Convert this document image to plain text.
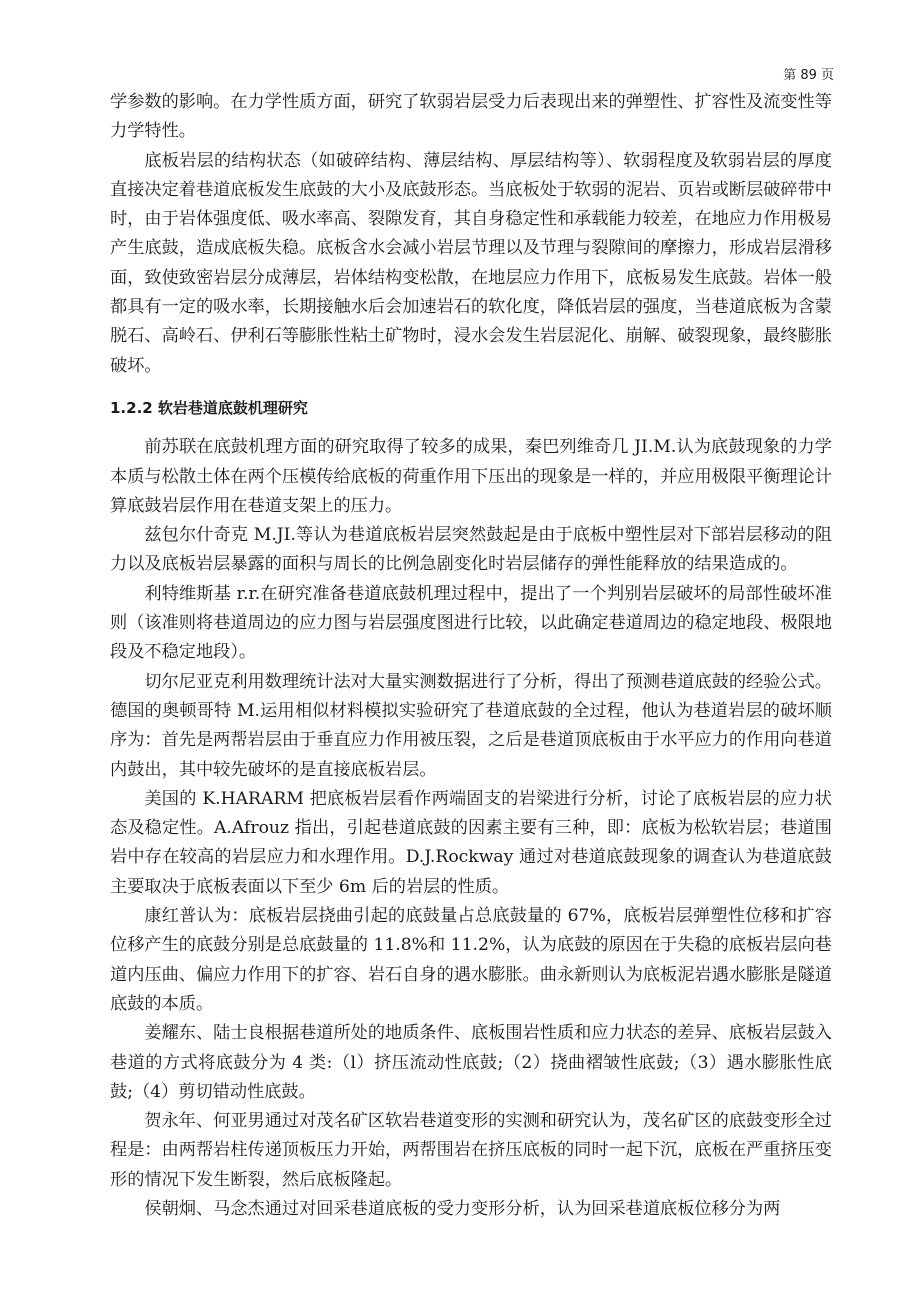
第 89 页

学参数的影响。在力学性质方面，研究了软弱岩层受力后表现出来的弹塑性、扩容性及流变性等力学特性。

底板岩层的结构状态（如破碎结构、薄层结构、厚层结构等）、软弱程度及软弱岩层的厚度直接决定着巷道底板发生底鼓的大小及底鼓形态。当底板处于软弱的泥岩、页岩或断层破碎带中时，由于岩体强度低、吸水率高、裂隙发育，其自身稳定性和承载能力较差，在地应力作用极易产生底鼓，造成底板失稳。底板含水会减小岩层节理以及节理与裂隙间的摩擦力，形成岩层滑移面，致使致密岩层分成薄层，岩体结构变松散，在地层应力作用下，底板易发生底鼓。岩体一般都具有一定的吸水率，长期接触水后会加速岩石的软化度，降低岩层的强度，当巷道底板为含蒙脱石、高岭石、伊利石等膨胀性粘土矿物时，浸水会发生岩层泥化、崩解、破裂现象，最终膨胀破坏。

1.2.2 软岩巷道底鼓机理研究

前苏联在底鼓机理方面的研究取得了较多的成果，秦巴列维奇几 JI.M.认为底鼓现象的力学本质与松散土体在两个压模传给底板的荷重作用下压出的现象是一样的，并应用极限平衡理论计算底鼓岩层作用在巷道支架上的压力。

兹包尔什奇克 M.JI.等认为巷道底板岩层突然鼓起是由于底板中塑性层对下部岩层移动的阻力以及底板岩层暴露的面积与周长的比例急剧变化时岩层储存的弹性能释放的结果造成的。

利特维斯基 r.r.在研究准备巷道底鼓机理过程中，提出了一个判别岩层破坏的局部性破坏准则（该准则将巷道周边的应力图与岩层强度图进行比较，以此确定巷道周边的稳定地段、极限地段及不稳定地段）。

切尔尼亚克利用数理统计法对大量实测数据进行了分析，得出了预测巷道底鼓的经验公式。德国的奥顿哥特 M.运用相似材料模拟实验研究了巷道底鼓的全过程，他认为巷道岩层的破坏顺序为：首先是两帮岩层由于垂直应力作用被压裂，之后是巷道顶底板由于水平应力的作用向巷道内鼓出，其中较先破坏的是直接底板岩层。

美国的 K.HARARM 把底板岩层看作两端固支的岩梁进行分析，讨论了底板岩层的应力状态及稳定性。A.Afrouz 指出，引起巷道底鼓的因素主要有三种，即：底板为松软岩层；巷道围岩中存在较高的岩层应力和水理作用。D.J.Rockway 通过对巷道底鼓现象的调查认为巷道底鼓主要取决于底板表面以下至少 6m 后的岩层的性质。

康红普认为：底板岩层挠曲引起的底鼓量占总底鼓量的 67%，底板岩层弹塑性位移和扩容位移产生的底鼓分别是总底鼓量的 11.8%和 11.2%，认为底鼓的原因在于失稳的底板岩层向巷道内压曲、偏应力作用下的扩容、岩石自身的遇水膨胀。曲永新则认为底板泥岩遇水膨胀是隧道底鼓的本质。

姜耀东、陆士良根据巷道所处的地质条件、底板围岩性质和应力状态的差异、底板岩层鼓入巷道的方式将底鼓分为 4 类:（l）挤压流动性底鼓;（2）挠曲褶皱性底鼓;（3）遇水膨胀性底鼓;（4）剪切错动性底鼓。

贺永年、何亚男通过对茂名矿区软岩巷道变形的实测和研究认为，茂名矿区的底鼓变形全过程是：由两帮岩柱传递顶板压力开始，两帮围岩在挤压底板的同时一起下沉，底板在严重挤压变形的情况下发生断裂，然后底板隆起。

侯朝炯、马念杰通过对回采巷道底板的受力变形分析，认为回采巷道底板位移分为两
